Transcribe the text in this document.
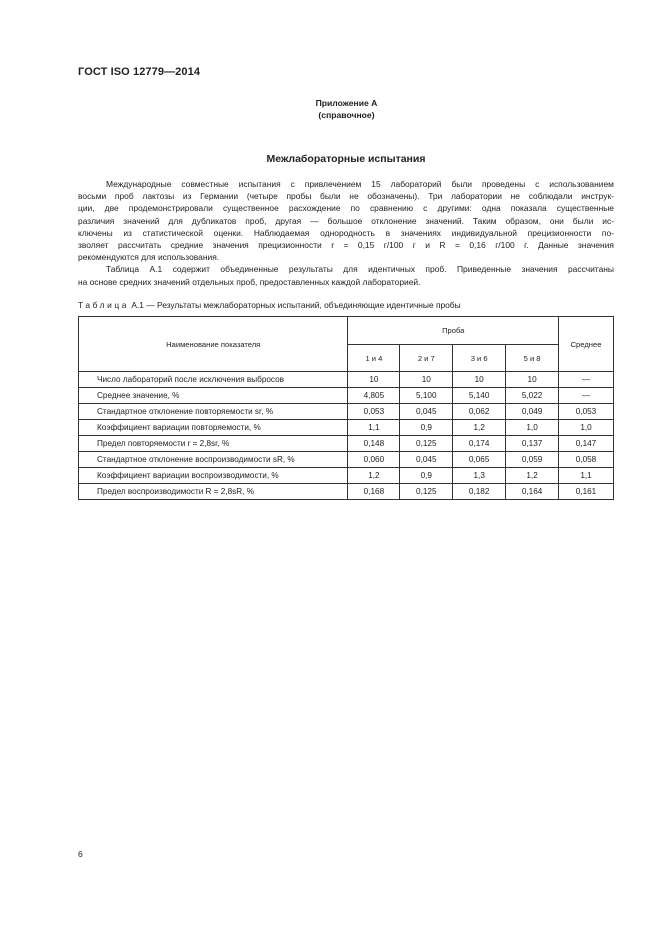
ГОСТ ISO 12779—2014
Приложение А
(справочное)
Межлабораторные испытания
Международные совместные испытания с привлечением 15 лабораторий были проведены с использованием
восьми проб лактозы из Германии (четыре пробы были не обозначены). Три лаборатории не соблюдали инструк-
ции, две продемонстрировали существенное расхождение по сравнению с другими: одна показала существенные
различия значений для дубликатов проб, другая — большое отклонение значений. Таким образом, они были ис-
ключены из статистической оценки. Наблюдаемая однородность в значениях индивидуальной прецизионности по-
зволяет рассчитать средние значения прецизионности r = 0,15 г/100 г и R = 0,16 г/100 г. Данные значения
рекомендуются для использования.
Таблица А.1 содержит объединенные результаты для идентичных проб. Приведенные значения рассчитаны
на основе средних значений отдельных проб, предоставленных каждой лабораторией.
Таблица А.1 — Результаты межлабораторных испытаний, объединяющие идентичные пробы
Наименование показателя	Проба				Среднее
	1 и 4	2 и 7	3 и 6	5 и 8	
Число лабораторий после исключения выбросов	10	10	10	10	—
Среднее значение, %	4,805	5,100	5,140	5,022	—
Стандартное отклонение повторяемости sr, %	0,053	0,045	0,062	0,049	0,053
Коэффициент вариации повторяемости, %	1,1	0,9	1,2	1,0	1,0
Предел повторяемости r = 2,8sr, %	0,148	0,125	0,174	0,137	0,147
Стандартное отклонение воспроизводимости sR, %	0,060	0,045	0,065	0,059	0,058
Коэффициент вариации воспроизводимости, %	1,2	0,9	1,3	1,2	1,1
Предел воспроизводимости R = 2,8sR, %	0,168	0,125	0,182	0,164	0,161
6
